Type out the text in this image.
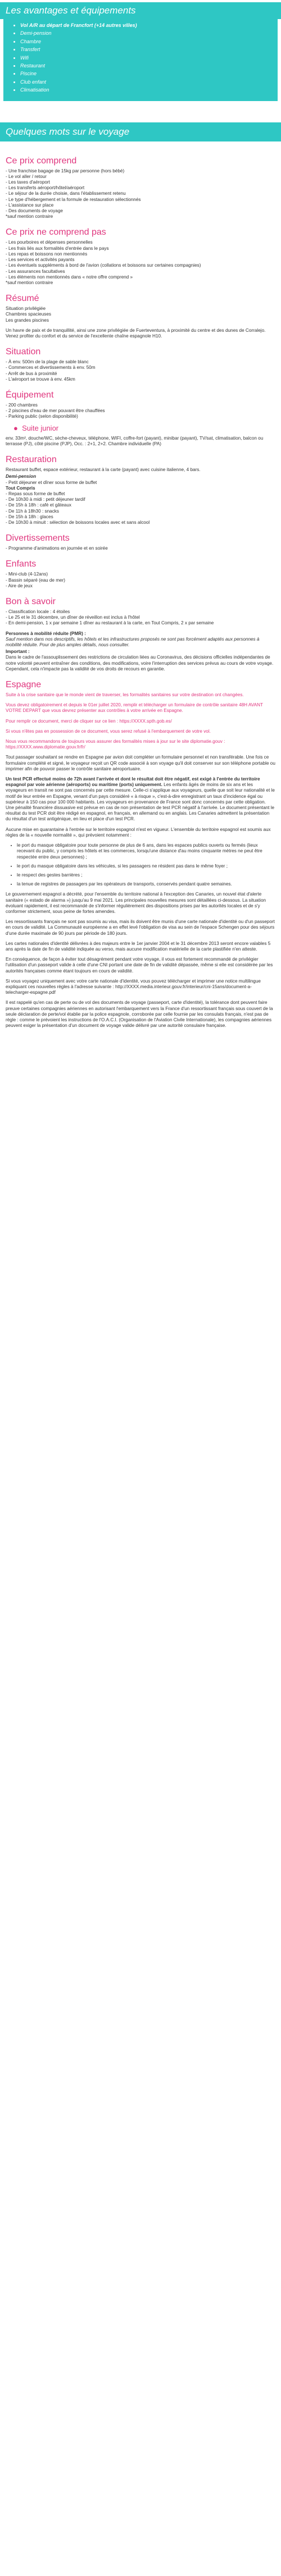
Les avantages et équipements
• Vol A/R au départ de Francfort (+14 autres villes)
• Demi-pension
• Chambre
• Transfert
• Wifi
• Restaurant
• Piscine
• Club enfant
• Climatisation
Quelques mots sur le voyage
Ce prix comprend
- Une franchise bagage de 15kg par personne (hors bébé)
- Le vol aller / retour
- Les taxes d'aéroport
- Les transferts aéroport/hôtel/aéroport
- Le séjour de la durée choisie, dans l'établissement retenu
- Le type d'hébergement et la formule de restauration sélectionnés
- L'assistance sur place
- Des documents de voyage
*sauf mention contraire
Ce prix ne comprend pas
- Les pourboires et dépenses personnelles
- Les frais liés aux formalités d'entrée dans le pays
- Les repas et boissons non mentionnés
- Les services et activités payants
- Les éventuels suppléments à bord de l'avion (collations et boissons sur certaines compagnies)
- Les assurances facultatives
- Les éléments non mentionnés dans « notre offre comprend »
*sauf mention contraire
Résumé
Situation privilégiée
Chambres spacieuses
Les grandes piscines

Un havre de paix et de tranquillité, ainsi une zone privilégiée de Fuerteventura, à proximité du centre et des dunes de Corralejo. Venez profiter du confort et du service de l'excellente chaîne espagnole H10.

Situation
- À env. 500m de la plage de sable blanc
- Commerces et divertissements à env. 50m
- Arrêt de bus à proximité
- L'aéroport se trouve à env. 45km
Équipement
- 200 chambres
- 2 piscines d'eau de mer pouvant être chauffées
- Parking public (selon disponibilité)
● Suite junior

env. 33m², douche/WC, sèche-cheveux, téléphone, WIFI, coffre-fort (payant), minibar (payant), TV/sat, climatisation, balcon ou terrasse (PJ), côté piscine (PJP), Occ. : 2+1, 2+2. Chambre individuelle (PA)

Restauration

Restaurant buffet, espace extérieur, restaurant à la carte (payant) avec cuisine italienne, 4 bars.

Demi-pension
- Petit déjeuner et dîner sous forme de buffet
Tout Compris
- Repas sous forme de buffet
- De 10h30 à midi : petit déjeuner tardif
- De 15h à 18h : café et gâteaux
- De 11h à 18h30 : snacks
- De 15h à 18h : glaces
- De 10h30 à minuit : sélection de boissons locales avec et sans alcool
Divertissements
- Programme d'animations en journée et en soirée
Enfants
- Mini-club (4-12ans)
- Bassin séparé (eau de mer)
- Aire de jeux
Bon à savoir
- Classification locale : 4 étoiles
- Le 25 et le 31 décembre, un dîner de réveillon est inclus à l'hôtel
- En demi-pension, 1 x par semaine 1 dîner au restaurant à la carte, en Tout Compris, 2 x par semaine
Personnes à mobilité réduite (PMR) :

Sauf mention dans nos descriptifs, les hôtels et les infrastructures proposés ne sont pas forcément adaptés aux personnes à mobilité réduite. Pour de plus amples détails, nous consulter.

Important :

Dans le cadre de l'assouplissement des restrictions de circulation liées au Coronavirus, des décisions officielles indépendantes de notre volonté peuvent entraîner des conditions, des modifications, voire l'interruption des services prévus au cours de votre voyage.

Cependant, cela n'impacte pas la validité de vos droits de recours en garantie.

Espagne

Suite à la crise sanitaire que le monde vient de traverser, les formalités sanitaires sur votre destination ont changées.

Vous devez obligatoirement et depuis le 01er juillet 2020, remplir et télécharger un formulaire de contrôle sanitaire 48H AVANT VOTRE DEPART que vous devrez présenter aux contrôles à votre arrivée en Espagne.

Pour remplir ce document, merci de cliquer sur ce lien : https://XXXX.spth.gob.es/

Si vous n'êtes pas en possession de ce document, vous serez refusé à l'embarquement de votre vol.

Nous vous recommandons de toujours vous assurer des formalités mises à jour sur le site diplomatie.gouv : https://XXXX.www.diplomatie.gouv.fr/fr/

Tout passager souhaitant se rendre en Espagne par avion doit compléter un formulaire personnel et non transférable. Une fois ce formulaire complété et signé, le voyageur reçoit un QR code associé à son voyage qu'il doit conserver sur son téléphone portable ou imprimer afin de pouvoir passer le contrôle sanitaire aéroportuaire.

Un test PCR effectué moins de 72h avant l'arrivée et dont le résultat doit être négatif, est exigé à l'entrée du territoire espagnol par voie aérienne (aéroports) ou maritime (ports) uniquement. Les enfants âgés de moins de six ans et les voyageurs en transit ne sont pas concernés par cette mesure. Celle-ci s'applique aux voyageurs, quelle que soit leur nationalité et le motif de leur entrée en Espagne, venant d'un pays considéré « à risque », c'est-à-dire enregistrant un taux d'incidence égal ou supérieur à 150 cas pour 100 000 habitants. Les voyageurs en provenance de France sont donc concernés par cette obligation. Une pénalité financière dissuasive est prévue en cas de non présentation de test PCR négatif à l'arrivée. Le document présentant le résultat du test PCR doit être rédigé en espagnol, en français, en allemand ou en anglais. Les Canaries admettent la présentation du résultat d'un test antigénique, en lieu et place d'un test PCR.

Aucune mise en quarantaine à l'entrée sur le territoire espagnol n'est en vigueur. L'ensemble du territoire espagnol est soumis aux règles de la « nouvelle normalité », qui prévoient notamment :

• le port du masque obligatoire pour toute personne de plus de 6 ans, dans les espaces publics ouverts ou fermés (lieux recevant du public, y compris les hôtels et les commerces, lorsqu'une distance d'au moins cinquante mètres ne peut être respectée entre deux personnes) ;
• le port du masque obligatoire dans les véhicules, si les passagers ne résident pas dans le même foyer ;
• le respect des gestes barrières ;
• la tenue de registres de passagers par les opérateurs de transports, conservés pendant quatre semaines.

Le gouvernement espagnol a décrété, pour l'ensemble du territoire national à l'exception des Canaries, un nouvel état d'alerte sanitaire (« estado de alarma ») jusqu'au 9 mai 2021. Les principales nouvelles mesures sont détaillées ci-dessous. La situation évoluant rapidement, il est recommandé de s'informer régulièrement des dispositions prises par les autorités locales et de s'y conformer strictement, sous peine de fortes amendes.

Les ressortissants français ne sont pas soumis au visa, mais ils doivent être munis d'une carte nationale d'identité ou d'un passeport en cours de validité. La Communauté européenne a en effet levé l'obligation de visa au sein de l'espace Schengen pour des séjours d'une durée maximale de 90 jours par période de 180 jours.

Les cartes nationales d'identité délivrées à des majeurs entre le 1er janvier 2004 et le 31 décembre 2013 seront encore valables 5 ans après la date de fin de validité indiquée au verso, mais aucune modification matérielle de la carte plastifiée n'en atteste.

En conséquence, de façon à éviter tout désagrément pendant votre voyage, il vous est fortement recommandé de privilégier l'utilisation d'un passeport valide à celle d'une CNI portant une date de fin de validité dépassée, même si elle est considérée par les autorités françaises comme étant toujours en cours de validité.

Si vous voyagez uniquement avec votre carte nationale d'identité, vous pouvez télécharger et imprimer une notice multilingue expliquant ces nouvelles règles à l'adresse suivante : http://XXXX.media.interieur.gouv.fr/interieur/cni-15ans/document-a-telecharger-espagne.pdf

Il est rappelé qu'en cas de perte ou de vol des documents de voyage (passeport, carte d'identité), la tolérance dont peuvent faire preuve certaines compagnies aériennes en autorisant l'embarquement vers la France d'un ressortissant français sous couvert de la seule déclaration de perte/vol établie par la police espagnole, corroborée par celle fournie par les consulats français, n'est pas de règle : comme le prévoient les instructions de l'O.A.C.I. (Organisation de l'Aviation Civile Internationale), les compagnies aériennes peuvent exiger la présentation d'un document de voyage valide délivré par une autorité consulaire française.
